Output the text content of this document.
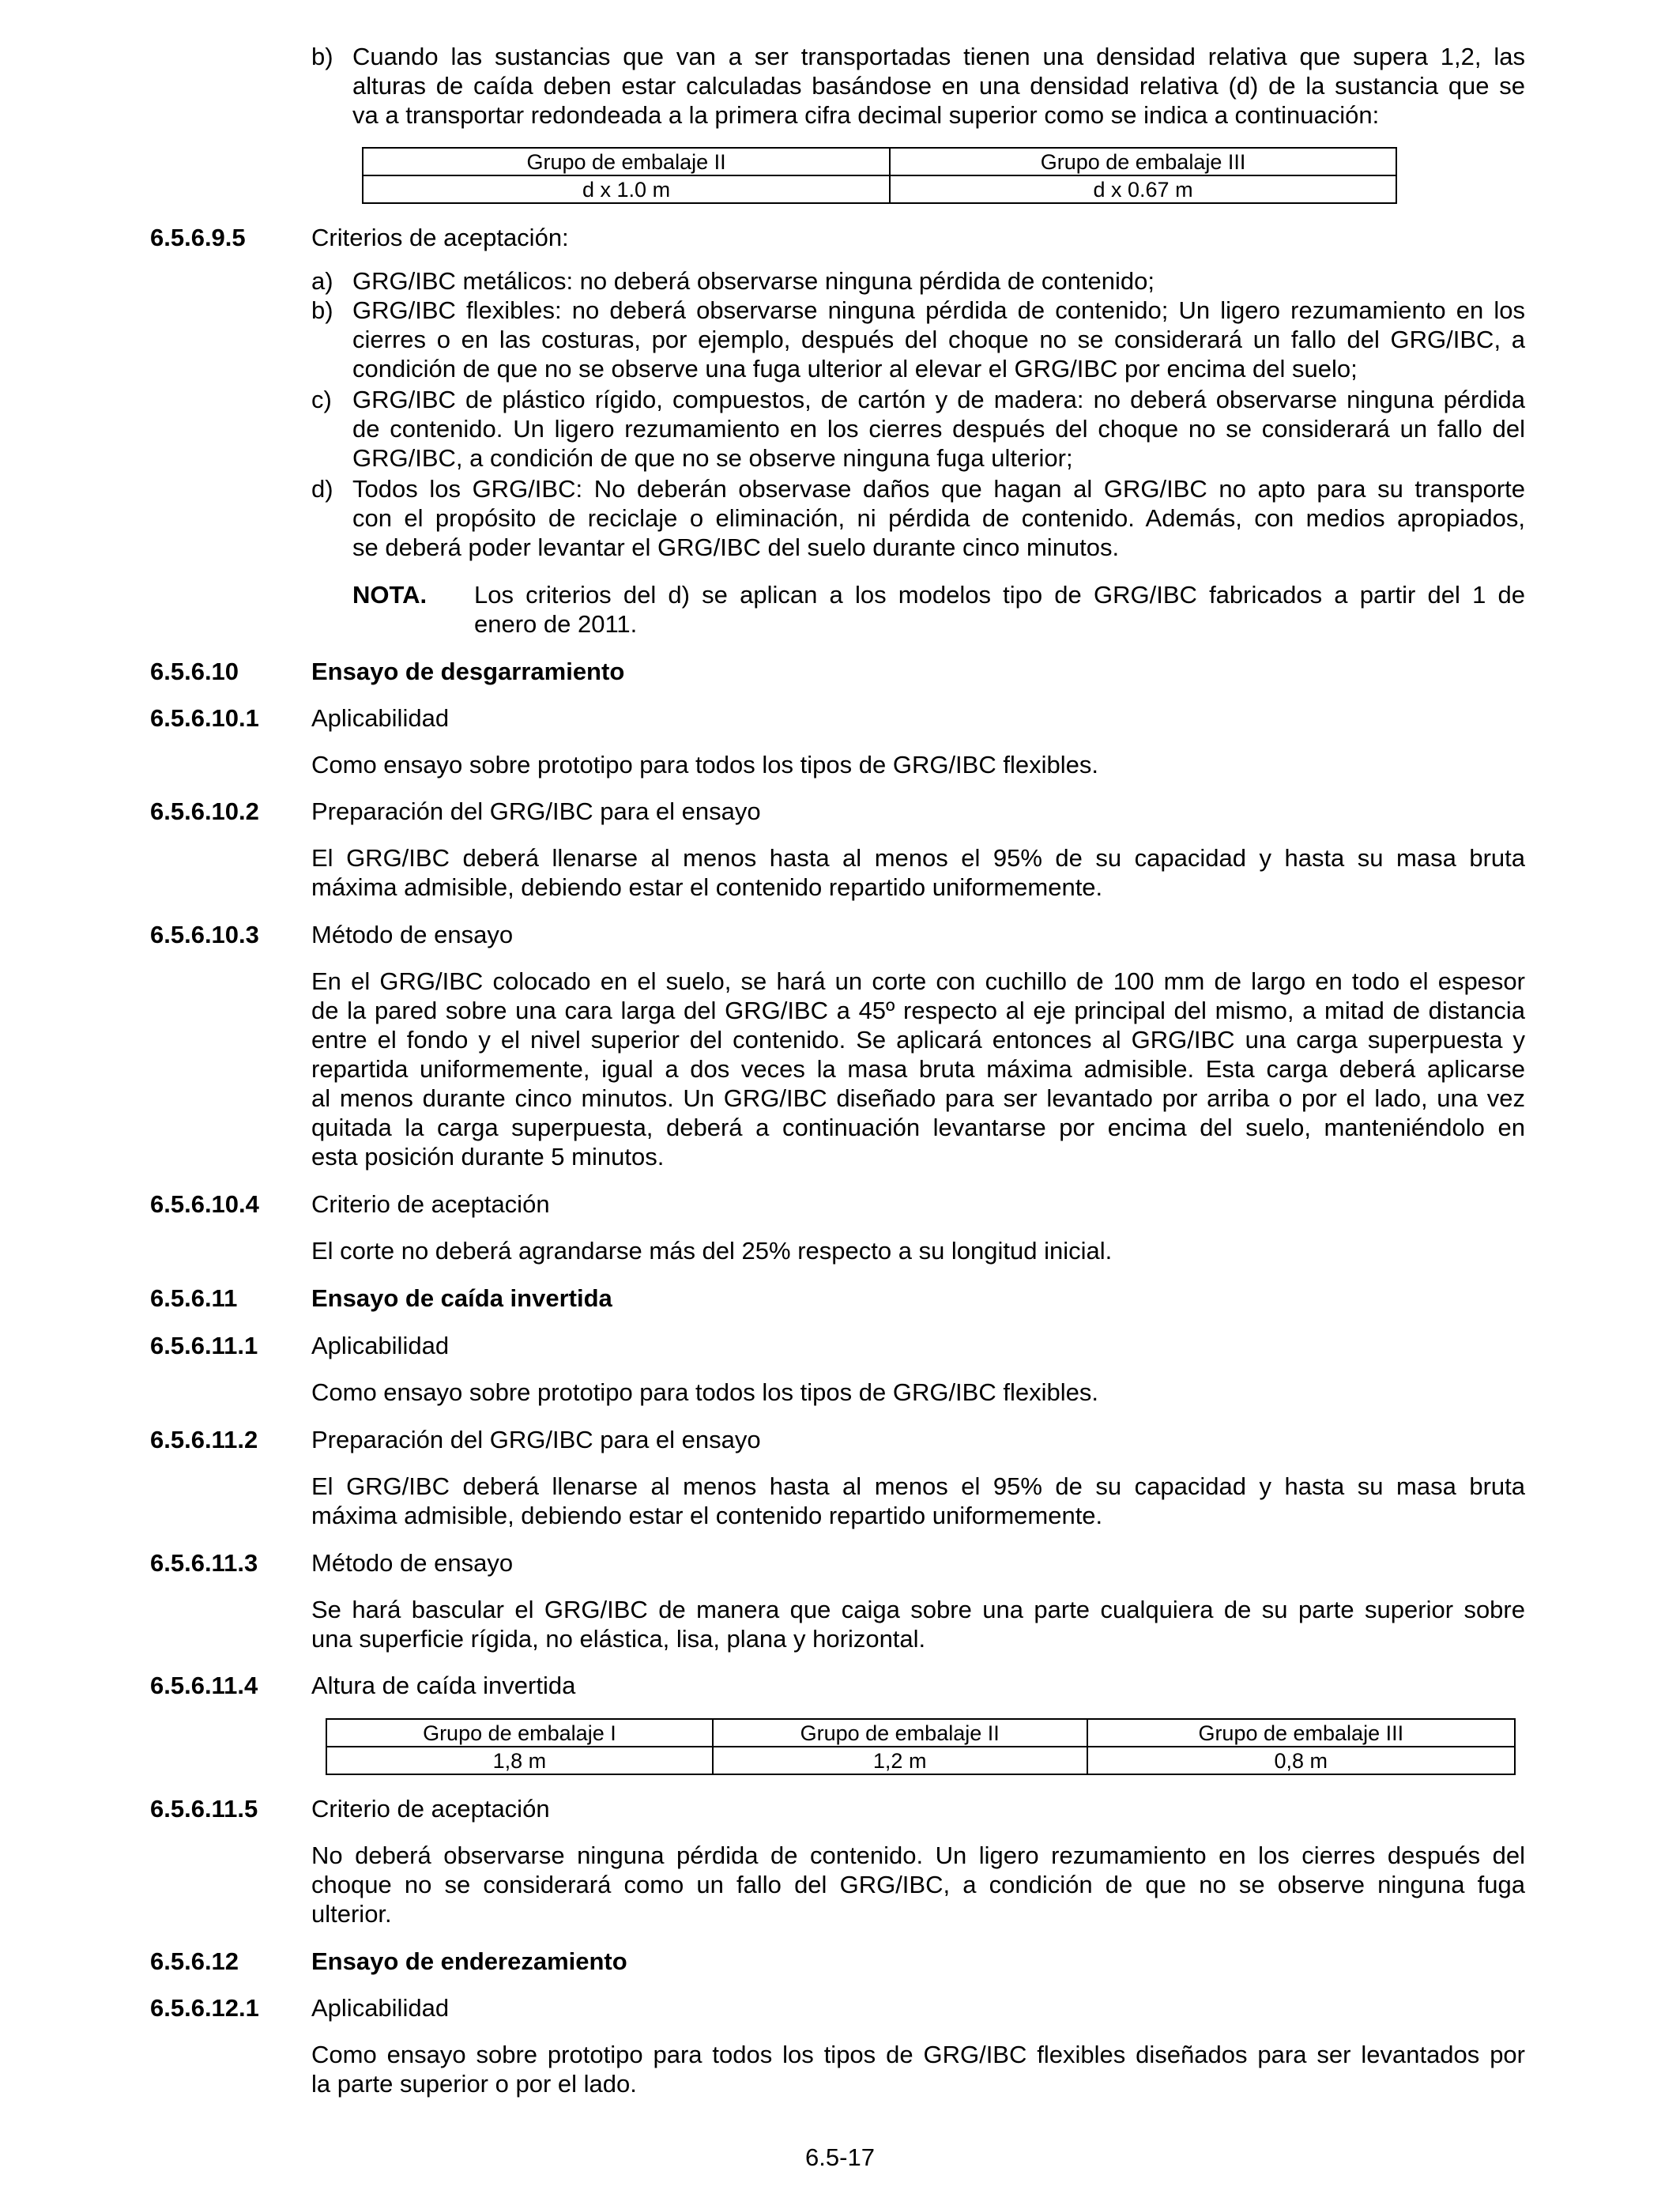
b) Cuando las sustancias que van a ser transportadas tienen una densidad relativa que supera 1,2, las
alturas de caída deben estar calculadas basándose en una densidad relativa (d) de la sustancia que se
va a transportar redondeada a la primera cifra decimal superior como se indica a continuación:
Grupo de embalaje II	Grupo de embalaje III
d x 1.0 m	d x 0.67 m
6.5.6.9.5	Criterios de aceptación:
a) GRG/IBC metálicos: no deberá observarse ninguna pérdida de contenido;
b) GRG/IBC flexibles: no deberá observarse ninguna pérdida de contenido; Un ligero rezumamiento en los
cierres o en las costuras, por ejemplo, después del choque no se considerará un fallo del GRG/IBC, a
condición de que no se observe una fuga ulterior al elevar el GRG/IBC por encima del suelo;
c) GRG/IBC de plástico rígido, compuestos, de cartón y de madera: no deberá observarse ninguna pérdida
de contenido. Un ligero rezumamiento en los cierres después del choque no se considerará un fallo del
GRG/IBC, a condición de que no se observe ninguna fuga ulterior;
d) Todos los GRG/IBC: No deberán observase daños que hagan al GRG/IBC no apto para su transporte
con el propósito de reciclaje o eliminación, ni pérdida de contenido. Además, con medios apropiados,
se deberá poder levantar el GRG/IBC del suelo durante cinco minutos.
NOTA. Los criterios del d) se aplican a los modelos tipo de GRG/IBC fabricados a partir del 1 de
enero de 2011.
6.5.6.10	Ensayo de desgarramiento
6.5.6.10.1 Aplicabilidad
Como ensayo sobre prototipo para todos los tipos de GRG/IBC flexibles.
6.5.6.10.2 Preparación del GRG/IBC para el ensayo
El GRG/IBC deberá llenarse al menos hasta al menos el 95% de su capacidad y hasta su masa bruta
máxima admisible, debiendo estar el contenido repartido uniformemente.
6.5.6.10.3 Método de ensayo
En el GRG/IBC colocado en el suelo, se hará un corte con cuchillo de 100 mm de largo en todo el espesor
de la pared sobre una cara larga del GRG/IBC a 45º respecto al eje principal del mismo, a mitad de distancia
entre el fondo y el nivel superior del contenido. Se aplicará entonces al GRG/IBC una carga superpuesta y
repartida uniformemente, igual a dos veces la masa bruta máxima admisible. Esta carga deberá aplicarse
al menos durante cinco minutos. Un GRG/IBC diseñado para ser levantado por arriba o por el lado, una vez
quitada la carga superpuesta, deberá a continuación levantarse por encima del suelo, manteniéndolo en
esta posición durante 5 minutos.
6.5.6.10.4 Criterio de aceptación
El corte no deberá agrandarse más del 25% respecto a su longitud inicial.
6.5.6.11	Ensayo de caída invertida
6.5.6.11.1 Aplicabilidad
Como ensayo sobre prototipo para todos los tipos de GRG/IBC flexibles.
6.5.6.11.2 Preparación del GRG/IBC para el ensayo
El GRG/IBC deberá llenarse al menos hasta al menos el 95% de su capacidad y hasta su masa bruta
máxima admisible, debiendo estar el contenido repartido uniformemente.
6.5.6.11.3 Método de ensayo
Se hará bascular el GRG/IBC de manera que caiga sobre una parte cualquiera de su parte superior sobre
una superficie rígida, no elástica, lisa, plana y horizontal.
6.5.6.11.4 Altura de caída invertida
Grupo de embalaje I	Grupo de embalaje II	Grupo de embalaje III
1,8 m	1,2 m	0,8 m
6.5.6.11.5 Criterio de aceptación
No deberá observarse ninguna pérdida de contenido. Un ligero rezumamiento en los cierres después del
choque no se considerará como un fallo del GRG/IBC, a condición de que no se observe ninguna fuga
ulterior.
6.5.6.12	Ensayo de enderezamiento
6.5.6.12.1 Aplicabilidad
Como ensayo sobre prototipo para todos los tipos de GRG/IBC flexibles diseñados para ser levantados por
la parte superior o por el lado.
6.5-17
